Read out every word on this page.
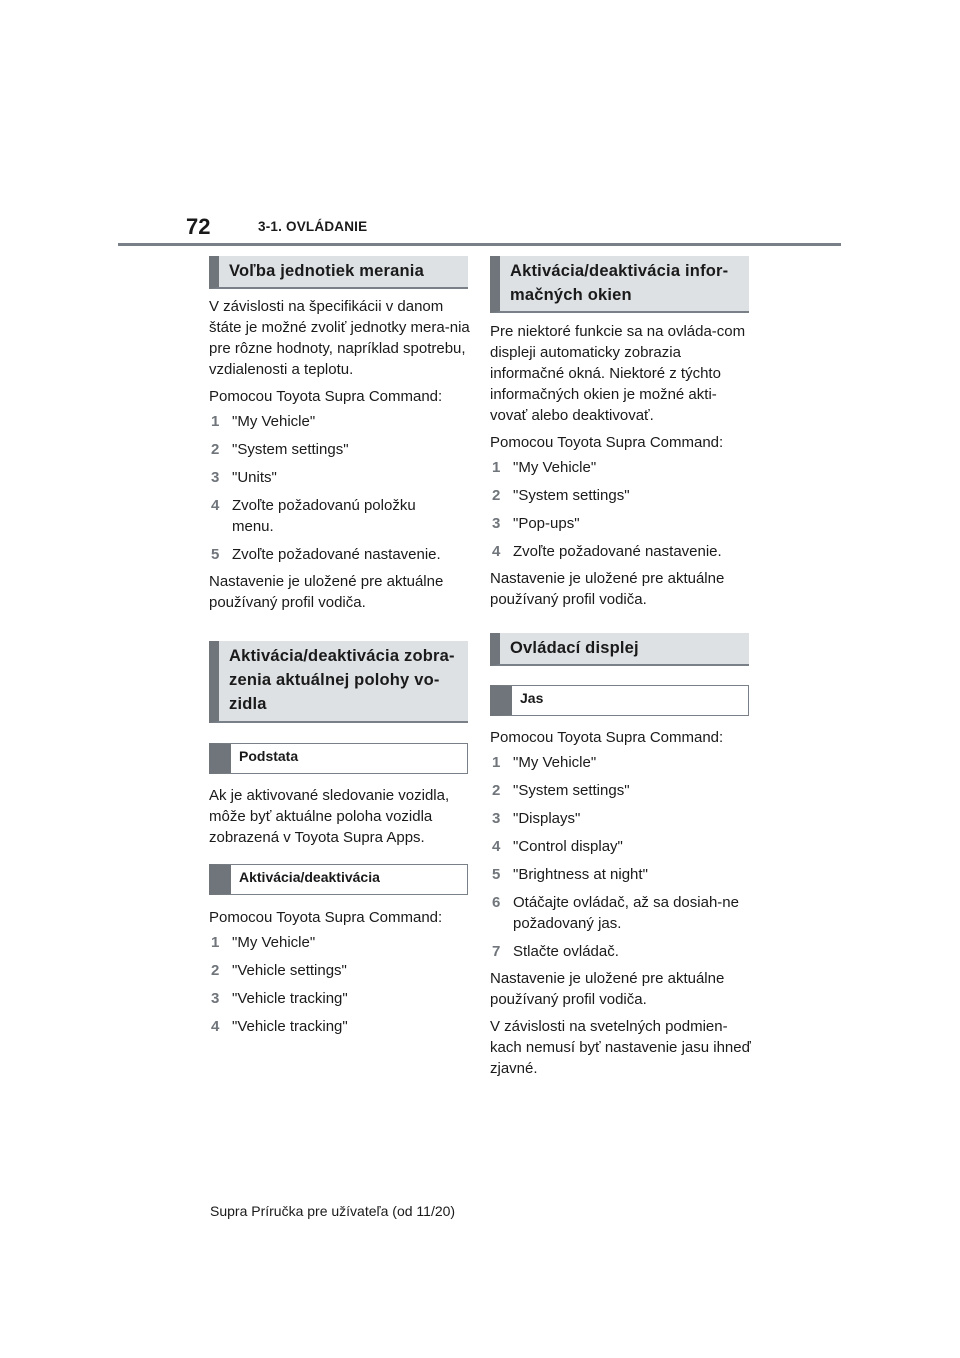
72	3-1. OVLÁDANIE
Voľba jednotiek merania

V závislosti na špecifikácii v danom štáte je možné zvoliť jednotky mera-nia pre rôzne hodnoty, napríklad spotrebu, vzdialenosti a teplotu.

Pomocou Toyota Supra Command:

1 "My Vehicle"
2 "System settings"
3 "Units"
4 Zvoľte požadovanú položku menu.
5 Zvoľte požadované nastavenie.

Nastavenie je uložené pre aktuálne používaný profil vodiča.

Aktivácia/deaktivácia zobra-zenia aktuálnej polohy vo-zidla
Podstata

Ak je aktivované sledovanie vozidla, môže byť aktuálne poloha vozidla zobrazená v Toyota Supra Apps.

Aktivácia/deaktivácia

Pomocou Toyota Supra Command:

1 "My Vehicle"
2 "Vehicle settings"
3 "Vehicle tracking"
4 "Vehicle tracking"
Aktivácia/deaktivácia infor-mačných okien

Pre niektoré funkcie sa na ovláda-com displeji automaticky zobrazia informačné okná. Niektoré z týchto informačných okien je možné akti-vovať alebo deaktivovať.

Pomocou Toyota Supra Command:

1 "My Vehicle"
2 "System settings"
3 "Pop-ups"
4 Zvoľte požadované nastavenie.

Nastavenie je uložené pre aktuálne používaný profil vodiča.

Ovládací displej
Jas

Pomocou Toyota Supra Command:

1 "My Vehicle"
2 "System settings"
3 "Displays"
4 "Control display"
5 "Brightness at night"
6 Otáčajte ovládač, až sa dosiah-ne požadovaný jas.
7 Stlačte ovládač.

Nastavenie je uložené pre aktuálne používaný profil vodiča.

V závislosti na svetelných podmien-kach nemusí byť nastavenie jasu ihneď zjavné.

Supra Príručka pre užívateľa (od 11/20)
